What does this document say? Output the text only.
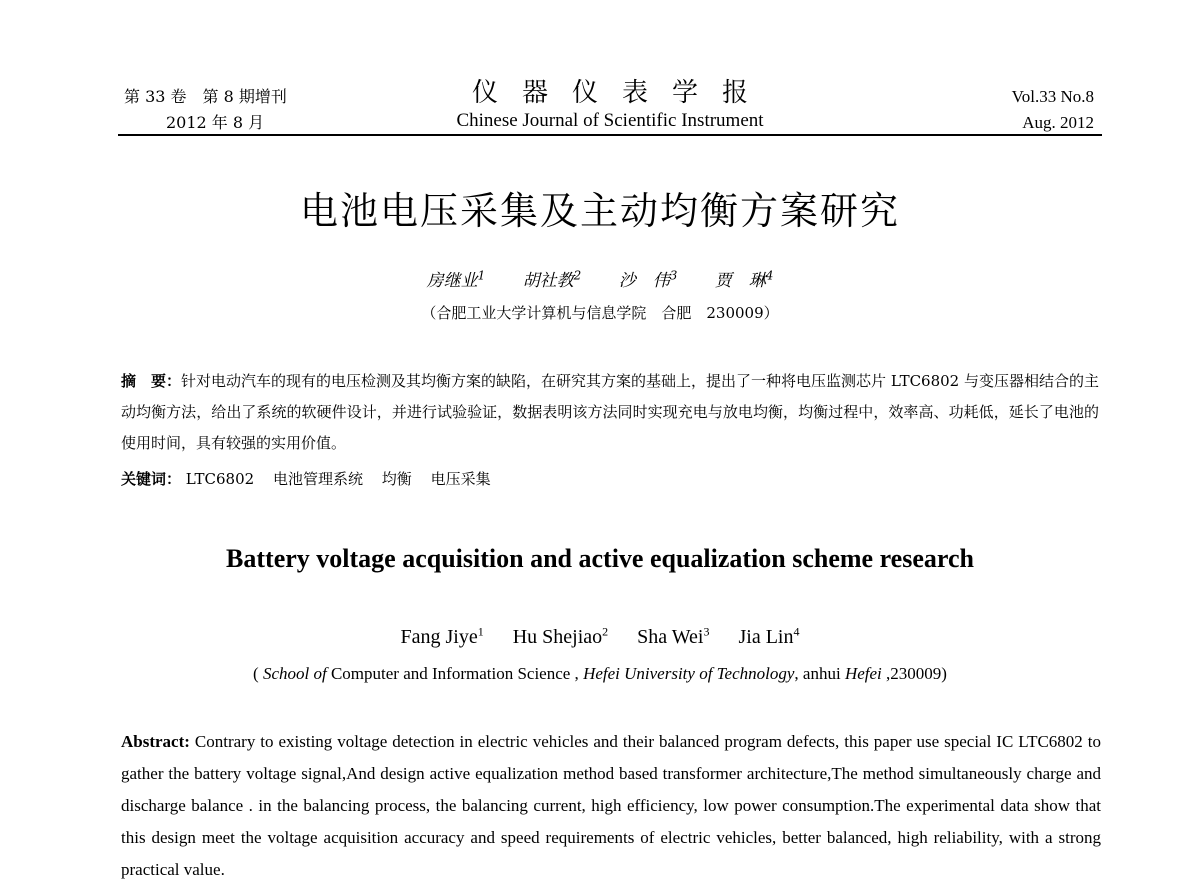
第 33 卷　第 8 期增刊
2012 年 8 月
仪器仪表学报
Chinese Journal of Scientific Instrument
Vol.33 No.8
Aug. 2012
电池电压采集及主动均衡方案研究
房继业$^1$ 胡社教$^2$ 沙　伟$^3$ 贾　琳$^4$
（合肥工业大学计算机与信息学院　合肥　230009）
摘　要：针对电动汽车的现有的电压检测及其均衡方案的缺陷，在研究其方案的基础上，提出了一种将电压监测芯片 LTC6802 与变压器相结合的主动均衡方法，给出了系统的软硬件设计，并进行试验验证，数据表明该方法同时实现充电与放电均衡，均衡过程中，效率高、功耗低，延长了电池的使用时间，具有较强的实用价值。
关键词： LTC6802 电池管理系统 均衡 电压采集
Battery voltage acquisition and active equalization scheme research
Fang Jiye$^1$ Hu Shejiao$^2$ Sha Wei$^3$ Jia Lin$^4$
( School of Computer and Information Science , Hefei University of Technology, anhui Hefei ,230009)
Abstract: Contrary to existing voltage detection in electric vehicles and their balanced program defects, this paper use special IC LTC6802 to gather the battery voltage signal,And design active equalization method based transformer architecture,The method simultaneously charge and discharge balance . in the balancing process, the balancing current, high efficiency, low power consumption.The experimental data show that this design meet the voltage acquisition accuracy and speed requirements of electric vehicles, better balanced, high reliability, with a strong practical value.
